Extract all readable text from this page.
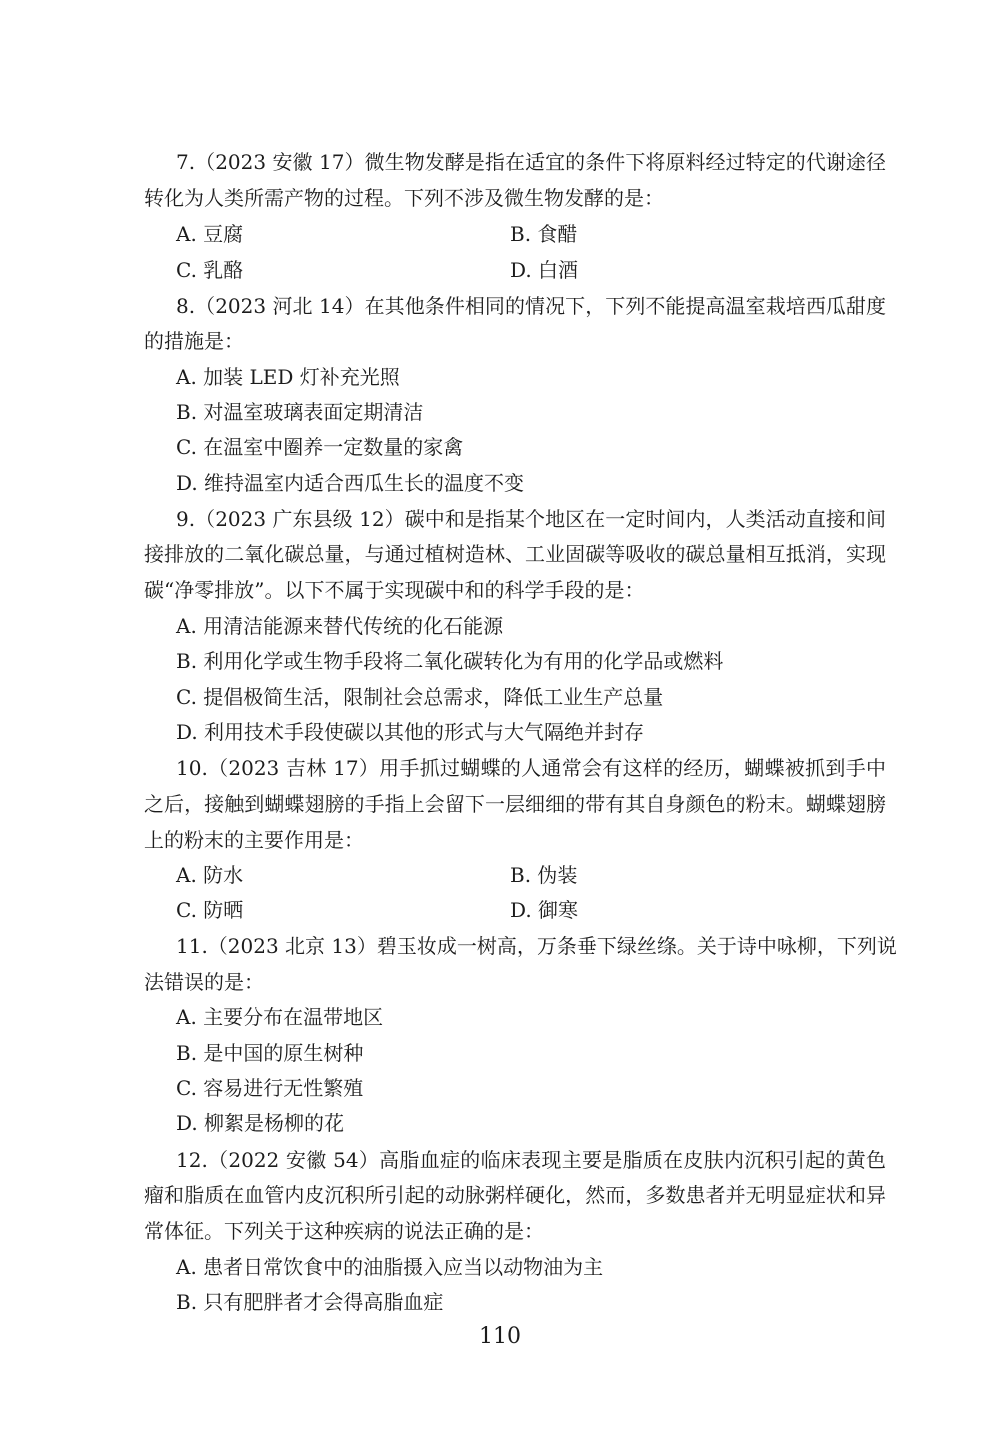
7.（2023 安徽 17）微生物发酵是指在适宜的条件下将原料经过特定的代谢途径
转化为人类所需产物的过程。下列不涉及微生物发酵的是：
A. 豆腐	B. 食醋
C. 乳酪	D. 白酒
8.（2023 河北 14）在其他条件相同的情况下，下列不能提高温室栽培西瓜甜度
的措施是：
A. 加装 LED 灯补充光照
B. 对温室玻璃表面定期清洁
C. 在温室中圈养一定数量的家禽
D. 维持温室内适合西瓜生长的温度不变
9.（2023 广东县级 12）碳中和是指某个地区在一定时间内，人类活动直接和间
接排放的二氧化碳总量，与通过植树造林、工业固碳等吸收的碳总量相互抵消，实现
碳“净零排放”。以下不属于实现碳中和的科学手段的是：
A. 用清洁能源来替代传统的化石能源
B. 利用化学或生物手段将二氧化碳转化为有用的化学品或燃料
C. 提倡极简生活，限制社会总需求，降低工业生产总量
D. 利用技术手段使碳以其他的形式与大气隔绝并封存
10.（2023 吉林 17）用手抓过蝴蝶的人通常会有这样的经历，蝴蝶被抓到手中
之后，接触到蝴蝶翅膀的手指上会留下一层细细的带有其自身颜色的粉末。蝴蝶翅膀
上的粉末的主要作用是：
A. 防水	B. 伪装
C. 防晒	D. 御寒
11.（2023 北京 13）碧玉妆成一树高，万条垂下绿丝绦。关于诗中咏柳，下列说
法错误的是：
A. 主要分布在温带地区
B. 是中国的原生树种
C. 容易进行无性繁殖
D. 柳絮是杨柳的花
12.（2022 安徽 54）高脂血症的临床表现主要是脂质在皮肤内沉积引起的黄色
瘤和脂质在血管内皮沉积所引起的动脉粥样硬化，然而，多数患者并无明显症状和异
常体征。下列关于这种疾病的说法正确的是：
A. 患者日常饮食中的油脂摄入应当以动物油为主
B. 只有肥胖者才会得高脂血症
110
